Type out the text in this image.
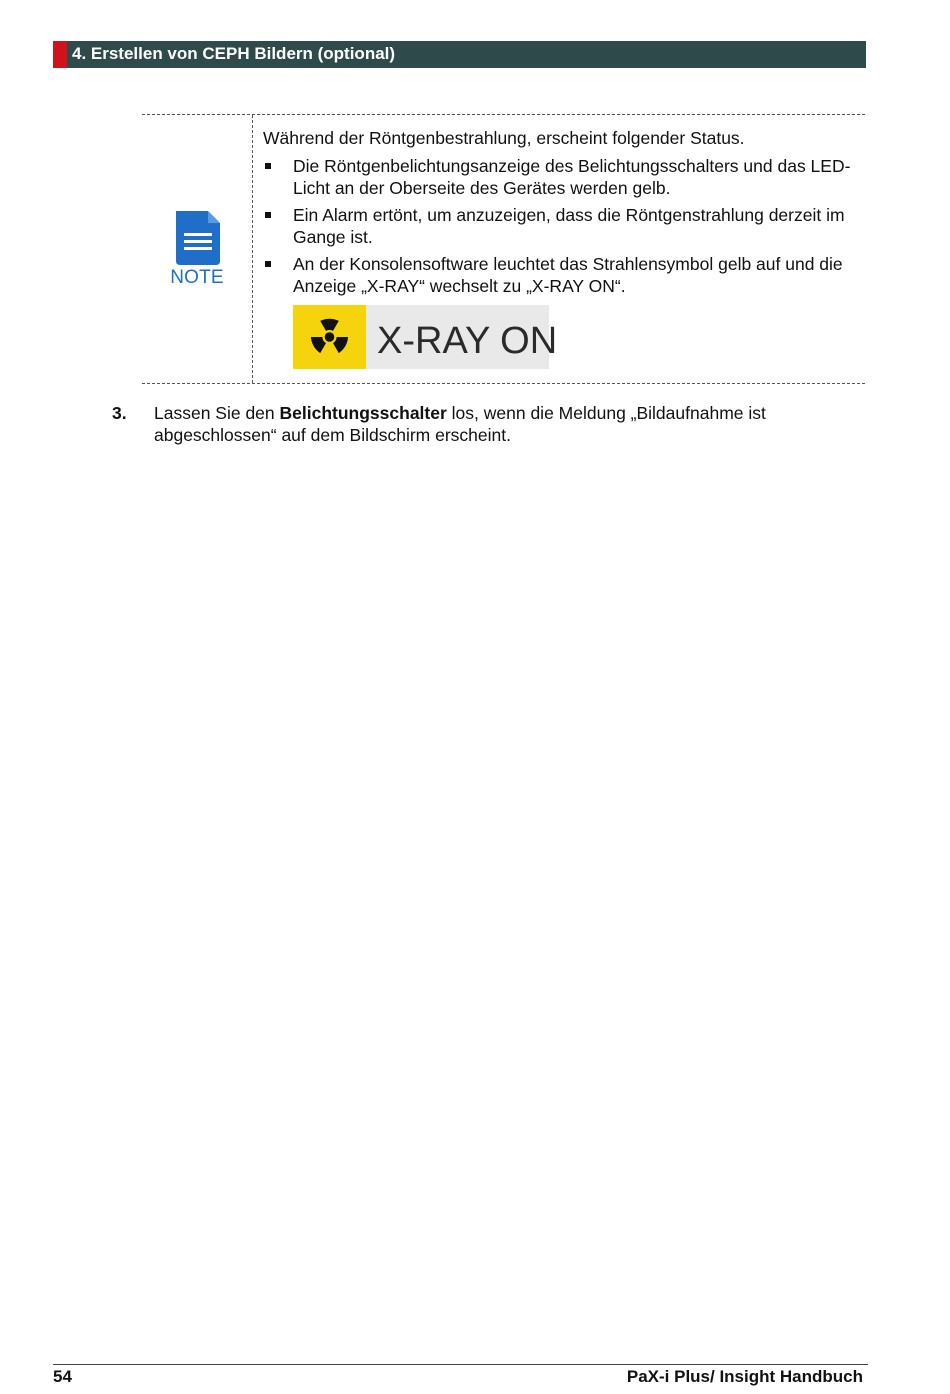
4. Erstellen von CEPH Bildern (optional)
NOTE

Während der Röntgenbestrahlung, erscheint folgender Status.

Die Röntgenbelichtungsanzeige des Belichtungsschalters und das LED-Licht an der Oberseite des Gerätes werden gelb.
Ein Alarm ertönt, um anzuzeigen, dass die Röntgenstrahlung derzeit im Gange ist.
An der Konsolensoftware leuchtet das Strahlensymbol gelb auf und die Anzeige „X-RAY“ wechselt zu „X-RAY ON“.
X-RAY ON
3. Lassen Sie den Belichtungsschalter los, wenn die Meldung „Bildaufnahme ist abgeschlossen“ auf dem Bildschirm erscheint.
54	PaX-i Plus/ Insight Handbuch
